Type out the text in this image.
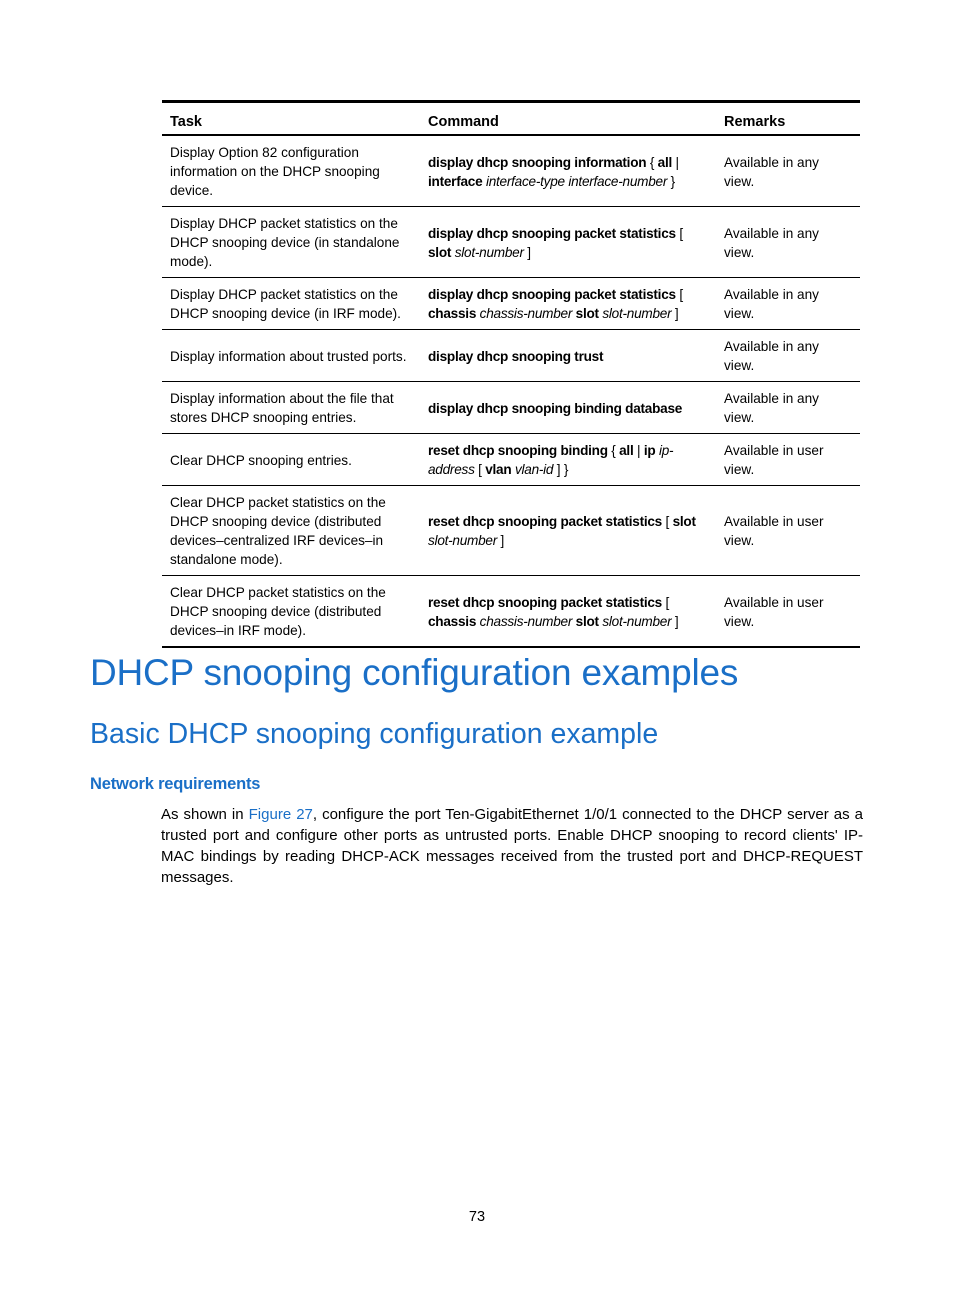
Task	Command	Remarks
Display Option 82 configuration information on the DHCP snooping device.	display dhcp snooping information { all | interface interface-type interface-number }	Available in any view.
Display DHCP packet statistics on the DHCP snooping device (in standalone mode).	display dhcp snooping packet statistics [ slot slot-number ]	Available in any view.
Display DHCP packet statistics on the DHCP snooping device (in IRF mode).	display dhcp snooping packet statistics [ chassis chassis-number slot slot-number ]	Available in any view.
Display information about trusted ports.	display dhcp snooping trust	Available in any view.
Display information about the file that stores DHCP snooping entries.	display dhcp snooping binding database	Available in any view.
Clear DHCP snooping entries.	reset dhcp snooping binding { all | ip ip-address [ vlan vlan-id ] }	Available in user view.
Clear DHCP packet statistics on the DHCP snooping device (distributed devices–centralized IRF devices–in standalone mode).	reset dhcp snooping packet statistics [ slot slot-number ]	Available in user view.
Clear DHCP packet statistics on the DHCP snooping device (distributed devices–in IRF mode).	reset dhcp snooping packet statistics [ chassis chassis-number slot slot-number ]	Available in user view.
DHCP snooping configuration examples
Basic DHCP snooping configuration example
Network requirements

As shown in Figure 27, configure the port Ten-GigabitEthernet 1/0/1 connected to the DHCP server as a trusted port and configure other ports as untrusted ports. Enable DHCP snooping to record clients' IP-MAC bindings by reading DHCP-ACK messages received from the trusted port and DHCP-REQUEST messages.

73
